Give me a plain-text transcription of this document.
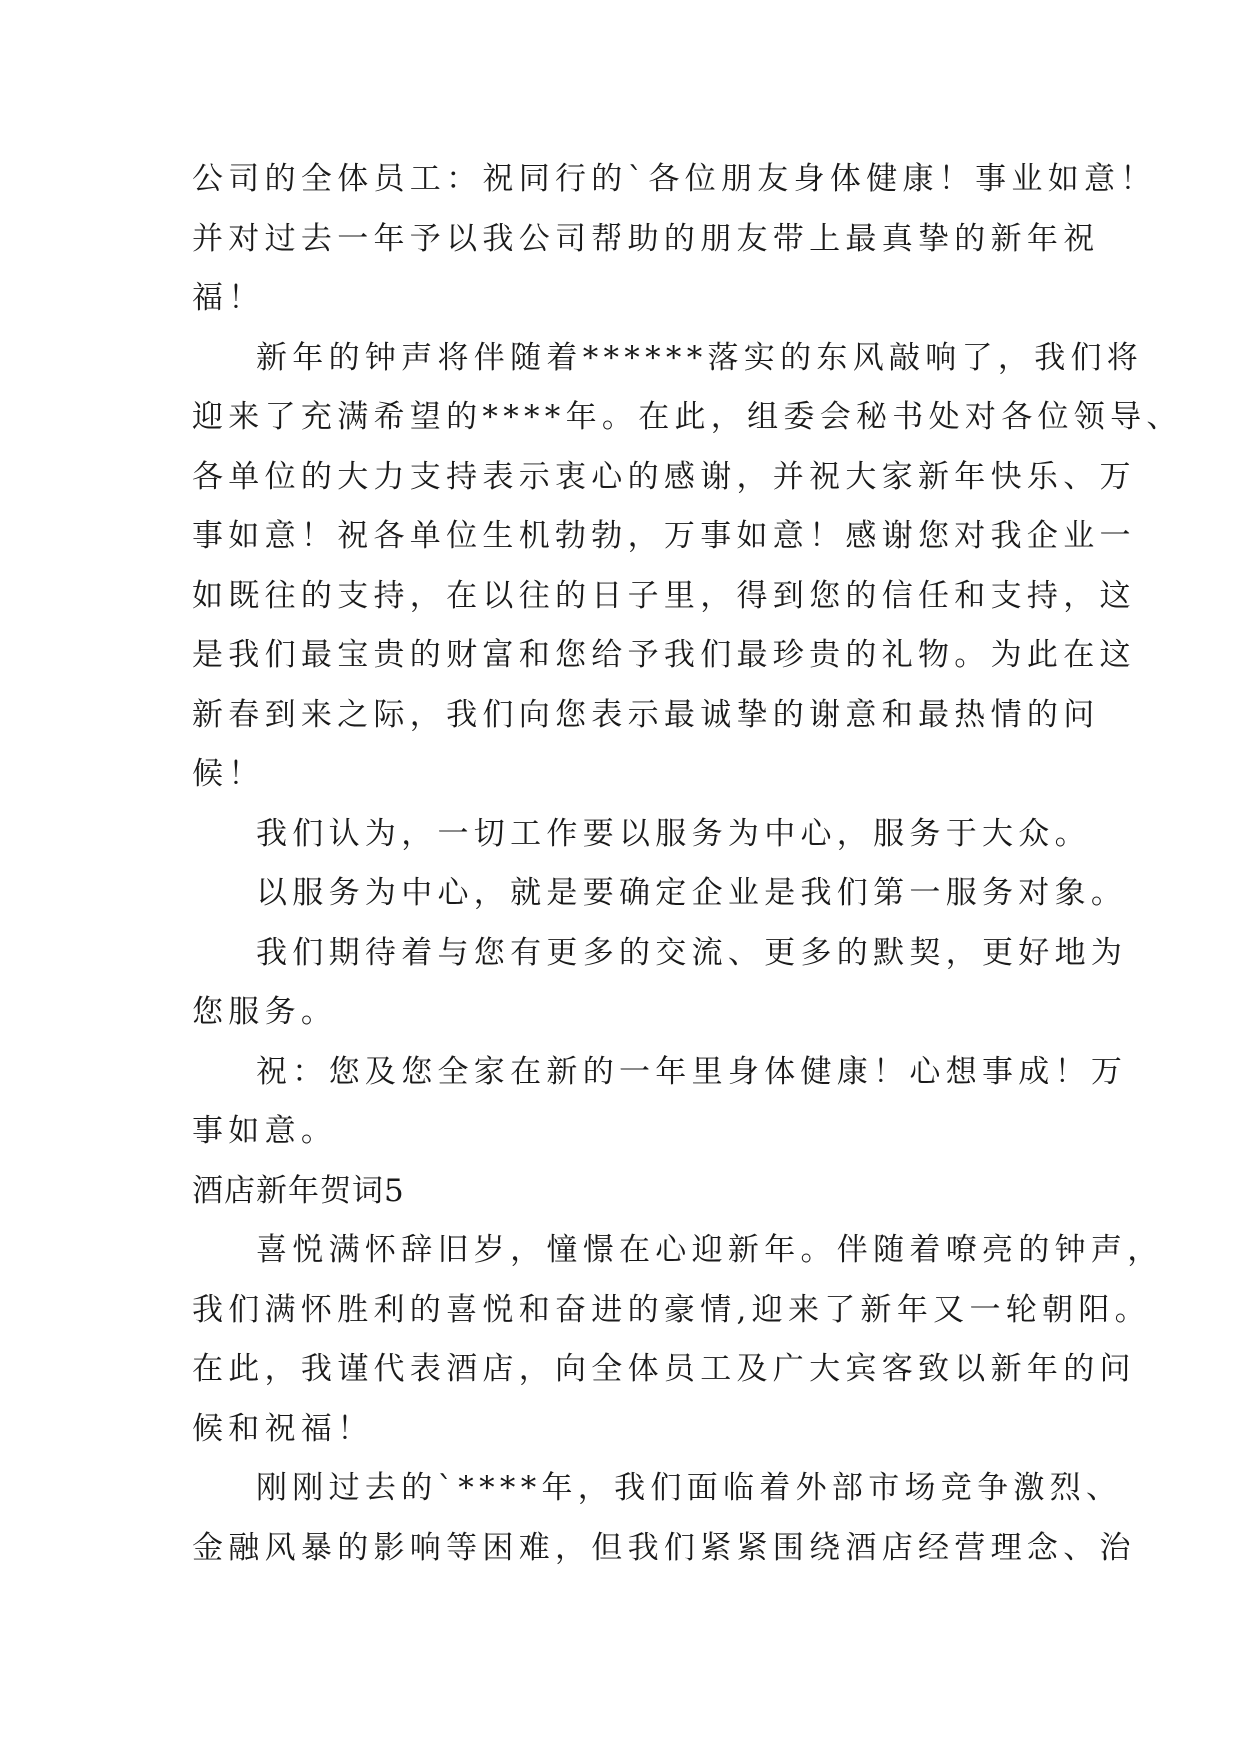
公司的全体员工：祝同行的`各位朋友身体健康！事业如意！
并对过去一年予以我公司帮助的朋友带上最真挚的新年祝
福！
新年的钟声将伴随着******落实的东风敲响了，我们将
迎来了充满希望的****年。在此，组委会秘书处对各位领导、
各单位的大力支持表示衷心的感谢，并祝大家新年快乐、万
事如意！祝各单位生机勃勃，万事如意！感谢您对我企业一
如既往的支持，在以往的日子里，得到您的信任和支持，这
是我们最宝贵的财富和您给予我们最珍贵的礼物。为此在这
新春到来之际，我们向您表示最诚挚的谢意和最热情的问
候！
我们认为，一切工作要以服务为中心，服务于大众。
以服务为中心，就是要确定企业是我们第一服务对象。
我们期待着与您有更多的交流、更多的默契，更好地为
您服务。
祝：您及您全家在新的一年里身体健康！心想事成！万
事如意。
酒店新年贺词5
喜悦满怀辞旧岁，憧憬在心迎新年。伴随着嘹亮的钟声，
我们满怀胜利的喜悦和奋进的豪情,迎来了新年又一轮朝阳。
在此，我谨代表酒店，向全体员工及广大宾客致以新年的问
候和祝福！
刚刚过去的`****年，我们面临着外部市场竞争激烈、
金融风暴的影响等困难，但我们紧紧围绕酒店经营理念、治
